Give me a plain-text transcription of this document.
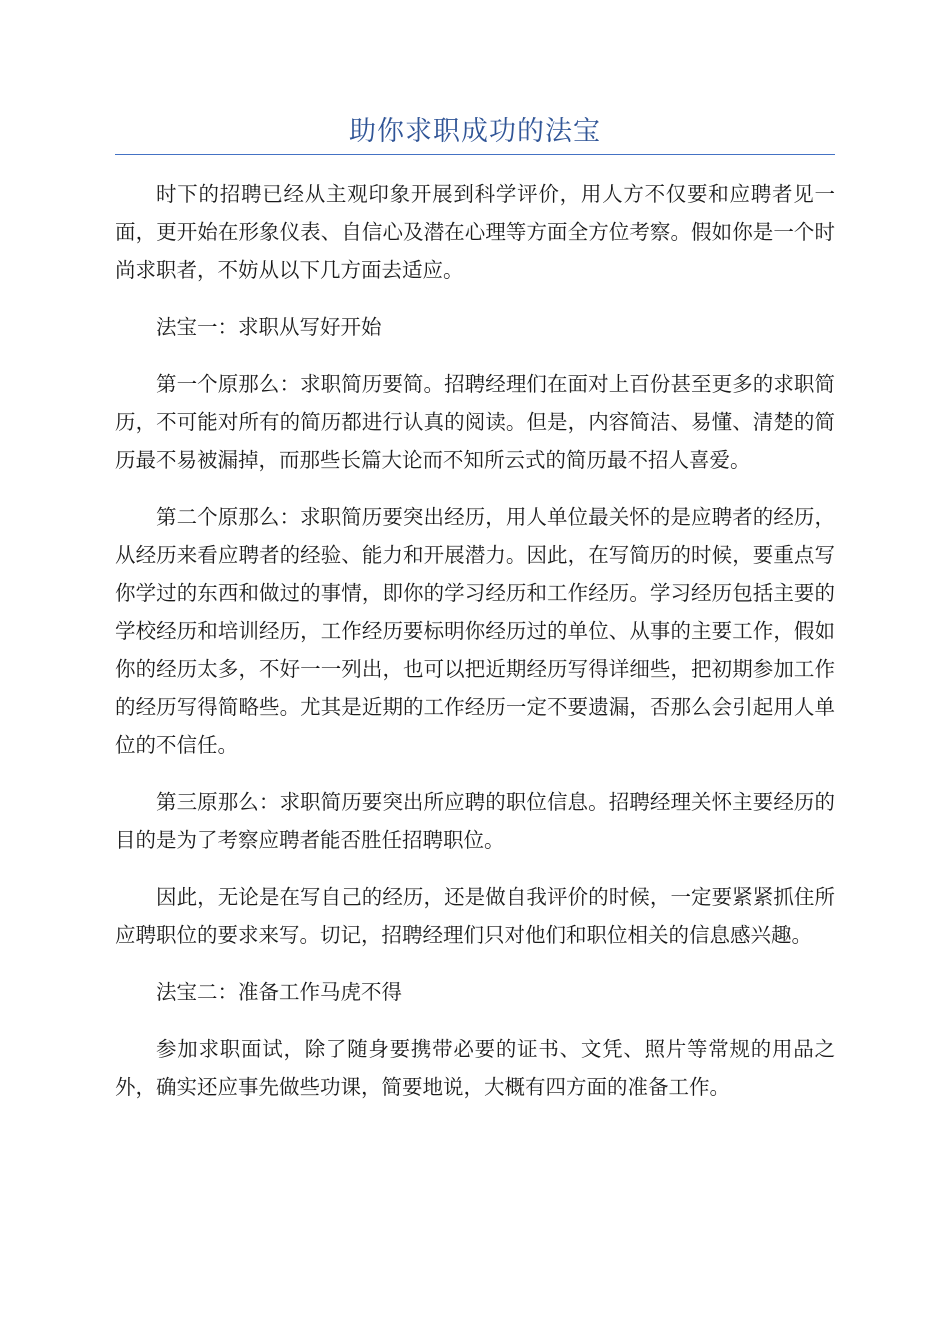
助你求职成功的法宝

时下的招聘已经从主观印象开展到科学评价，用人方不仅要和应聘者见一面，更开始在形象仪表、自信心及潜在心理等方面全方位考察。假如你是一个时尚求职者，不妨从以下几方面去适应。

法宝一：求职从写好开始

第一个原那么：求职简历要简。招聘经理们在面对上百份甚至更多的求职简历，不可能对所有的简历都进行认真的阅读。但是，内容简洁、易懂、清楚的简历最不易被漏掉，而那些长篇大论而不知所云式的简历最不招人喜爱。

第二个原那么：求职简历要突出经历，用人单位最关怀的是应聘者的经历，从经历来看应聘者的经验、能力和开展潜力。因此，在写简历的时候，要重点写你学过的东西和做过的事情，即你的学习经历和工作经历。学习经历包括主要的学校经历和培训经历，工作经历要标明你经历过的单位、从事的主要工作，假如你的经历太多，不好一一列出，也可以把近期经历写得详细些，把初期参加工作的经历写得简略些。尤其是近期的工作经历一定不要遗漏，否那么会引起用人单位的不信任。

第三原那么：求职简历要突出所应聘的职位信息。招聘经理关怀主要经历的目的是为了考察应聘者能否胜任招聘职位。

因此，无论是在写自己的经历，还是做自我评价的时候，一定要紧紧抓住所应聘职位的要求来写。切记，招聘经理们只对他们和职位相关的信息感兴趣。

法宝二：准备工作马虎不得

参加求职面试，除了随身要携带必要的证书、文凭、照片等常规的用品之外，确实还应事先做些功课，简要地说，大概有四方面的准备工作。
